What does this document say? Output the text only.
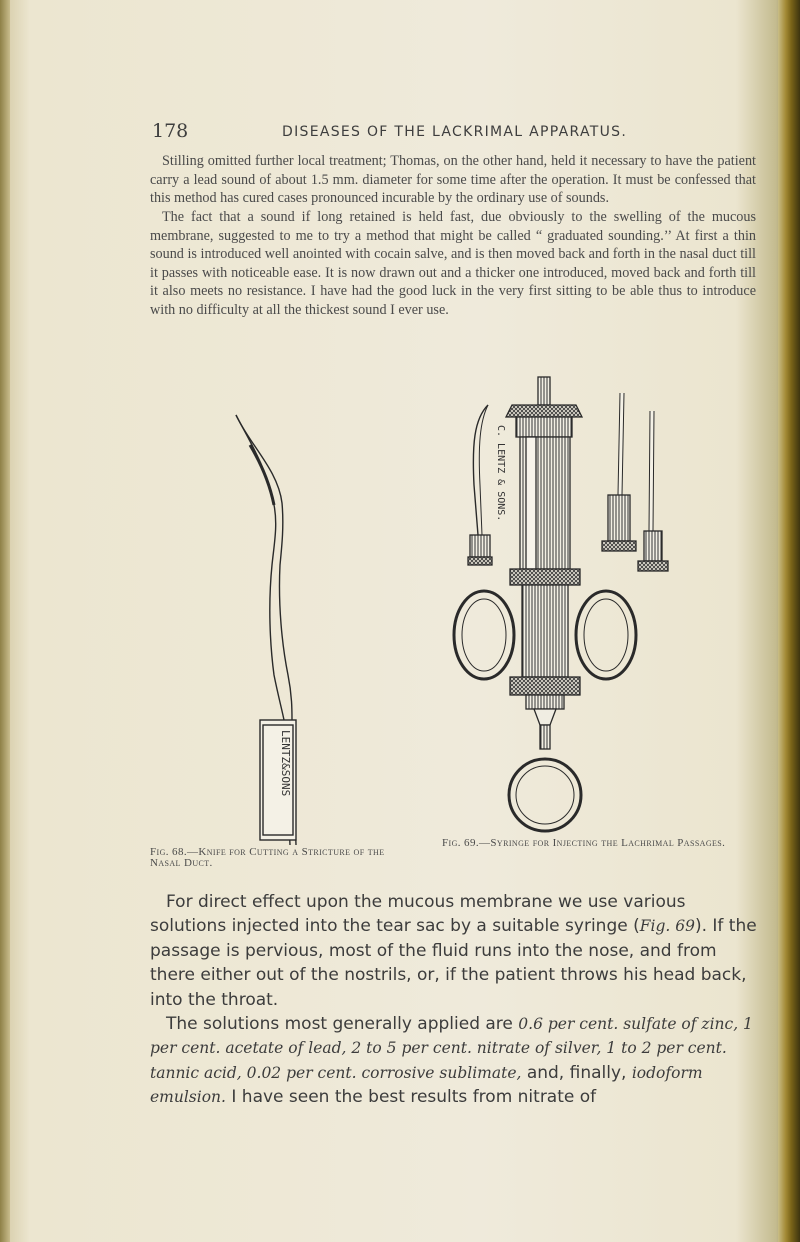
178	DISEASES OF THE LACKRIMAL APPARATUS.

Stilling omitted further local treatment; Thomas, on the other hand, held it necessary to have the patient carry a lead sound of about 1.5 mm. diameter for some time after the operation. It must be confessed that this method has cured cases pronounced incurable by the ordinary use of sounds.

The fact that a sound if long retained is held fast, due obviously to the swelling of the mucous membrane, suggested to me to try a method that might be called “ graduated sounding.’’ At first a thin sound is introduced well anointed with cocain salve, and is then moved back and forth in the nasal duct till it passes with noticeable ease. It is now drawn out and a thicker one introduced, moved back and forth till it also meets no resistance. I have had the good luck in the very first sitting to be able thus to introduce with no difficulty at all the thickest sound I ever use.

LENTZ&SONS
C. LENTZ & SONS.
Fig. 68.—Knife for Cutting a Stricture of the Nasal Duct.
Fig. 69.—Syringe for Injecting the Lachrimal Passages.

For direct effect upon the mucous membrane we use various solutions injected into the tear sac by a suitable syringe (Fig. 69). If the passage is pervious, most of the fluid runs into the nose, and from there either out of the nostrils, or, if the patient throws his head back, into the throat.

The solutions most generally applied are 0.6 per cent. sulfate of zinc, 1 per cent. acetate of lead, 2 to 5 per cent. nitrate of silver, 1 to 2 per cent. tannic acid, 0.02 per cent. corrosive sublimate, and, finally, iodoform emulsion. I have seen the best results from nitrate of
